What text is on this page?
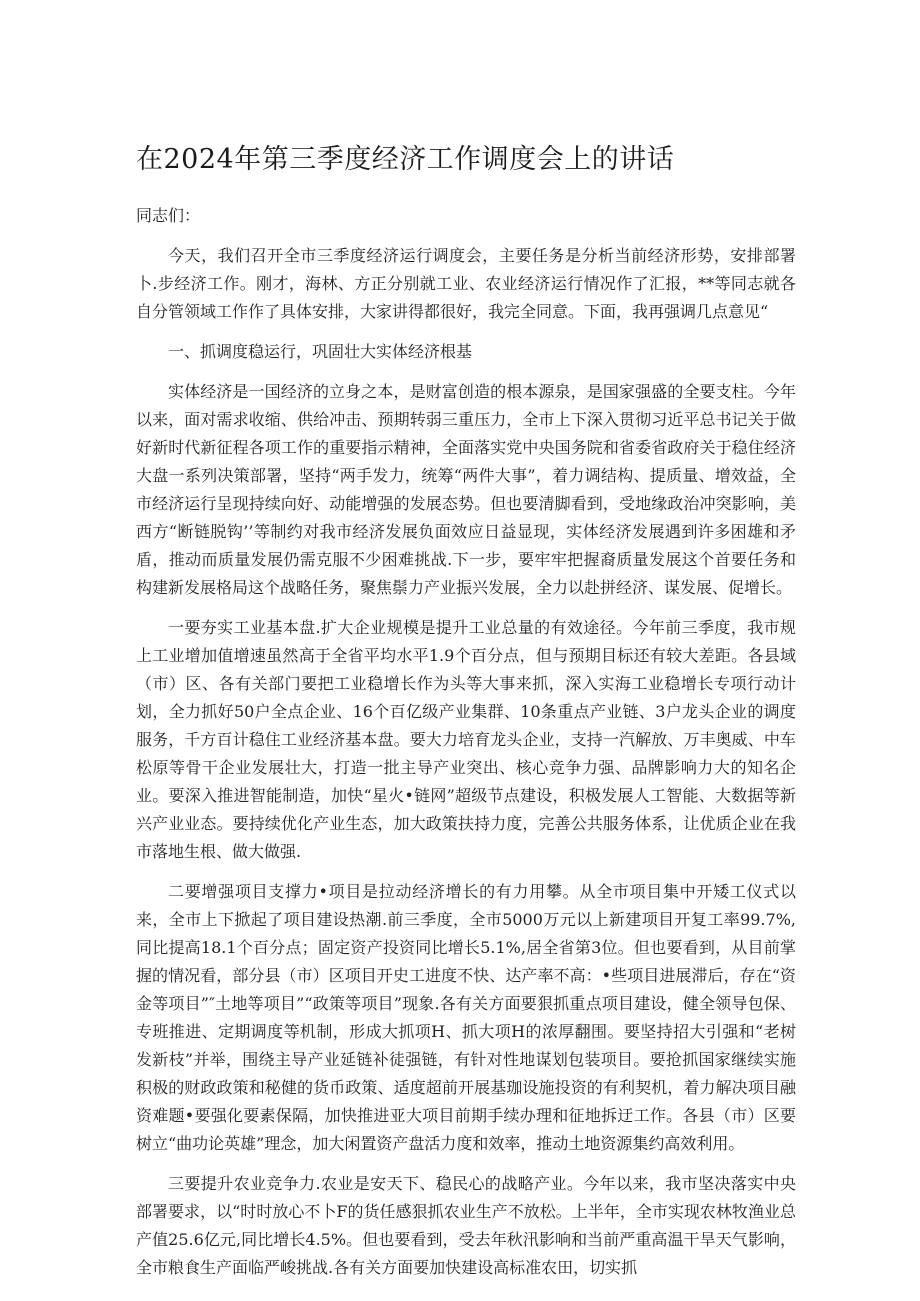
在2024年第三季度经济工作调度会上的讲话

同志们：

今天，我们召开全市三季度经济运行调度会，主要任务是分析当前经济形势，安排部署卜.步经济工作。刚才，海林、方正分别就工业、农业经济运行情况作了汇报，**等同志就各自分管领域工作作了具体安排，大家讲得都很好，我完全同意。下面，我再强调几点意见“

一、抓调度稳运行，巩固壮大实体经济根基

实体经济是一国经济的立身之本，是财富创造的根本源泉，是国家强盛的全要支柱。今年以来，面对需求收缩、供给冲击、预期转弱三重压力，全市上下深入贯彻习近平总书记关于做好新时代新征程各项工作的重要指示精神，全面落实党中央国务院和省委省政府关于稳住经济大盘一系列决策部署，坚持“两手发力，统筹“两件大事”，着力调结构、提质量、增效益，全市经济运行呈现持续向好、动能增强的发展态势。但也要清脚看到，受地缘政治冲突影响，美西方“断链脱钩’’等制约对我市经济发展负面效应日益显现，实体经济发展遇到许多困雄和矛盾，推动而质量发展仍需克服不少困难挑战.下一步，要牢牢把握裔质量发展这个首要任务和构建新发展格局这个战略任务，聚焦鬃力产业振兴发展，全力以赴拼经济、谋发展、促增长。

一要夯实工业基本盘.扩大企业规模是提升工业总量的有效途径。今年前三季度，我市规上工业增加值增速虽然高于全省平均水平1.9个百分点，但与预期目标还有较大差距。各县域（市）区、各有关部门要把工业稳增长作为头等大事来抓，深入实海工业稳增长专项行动计划，全力抓好50户全点企业、16个百亿级产业集群、10条重点产业链、3户龙头企业的调度服务，千方百计稳住工业经济基本盘。要大力培育龙头企业，支持一汽解放、万丰奥威、中车松原等骨干企业发展壮大，打造一批主导产业突出、核心竞争力强、品牌影响力大的知名企业。要深入推进智能制造，加快“星火•链网”超级节点建设，积极发展人工智能、大数据等新兴产业业态。要持续优化产业生态，加大政策扶持力度，完善公共服务体系，让优质企业在我市落地生根、做大做强.

二要增强项目支撑力•项目是拉动经济增长的有力用攀。从全市项目集中开矮工仪式以来，全市上下掀起了项目建设热潮.前三季度，全市5000万元以上新建项目开复工率99.7%,同比提高18.1个百分点；固定资产投资同比增长5.1%,居全省第3位。但也要看到，从目前掌握的情况看，部分县（市）区项目开史工进度不快、达产率不高：•些项目进展滞后，存在“资金等项目”″土地等项目”“政策等项目”现象.各有关方面要狠抓重点项目建设，健全领导包保、专班推进、定期调度等机制，形成大抓项H、抓大项H的浓厚翻围。要坚持招大引强和“老树发新枝”并举，围绕主导产业延链补徒强链，有针对性地谋划包装项目。要抢抓国家继续实施积极的财政政策和秘健的货币政策、适度超前开展基珈设施投资的有利契机，着力解决项目融资难题•要强化要素保隔，加快推进亚大项目前期手续办理和征地拆迂工作。各县（市）区要树立“曲功论英雄”理念，加大闲置资产盘活力度和效率，推动土地资源集约高效利用。

三要提升农业竞争力.农业是安天下、稳民心的战略产业。今年以来，我市坚决落实中央部署要求，以“时时放心不卜F的货任感狠抓农业生产不放松。上半年，全市实现农林牧渔业总产值25.6亿元,同比增长4.5%。但也要看到，受去年秋汛影响和当前严重高温干旱天气影响，全市粮食生产面临严峻挑战.各有关方面要加快建设高标准农田，切实抓
